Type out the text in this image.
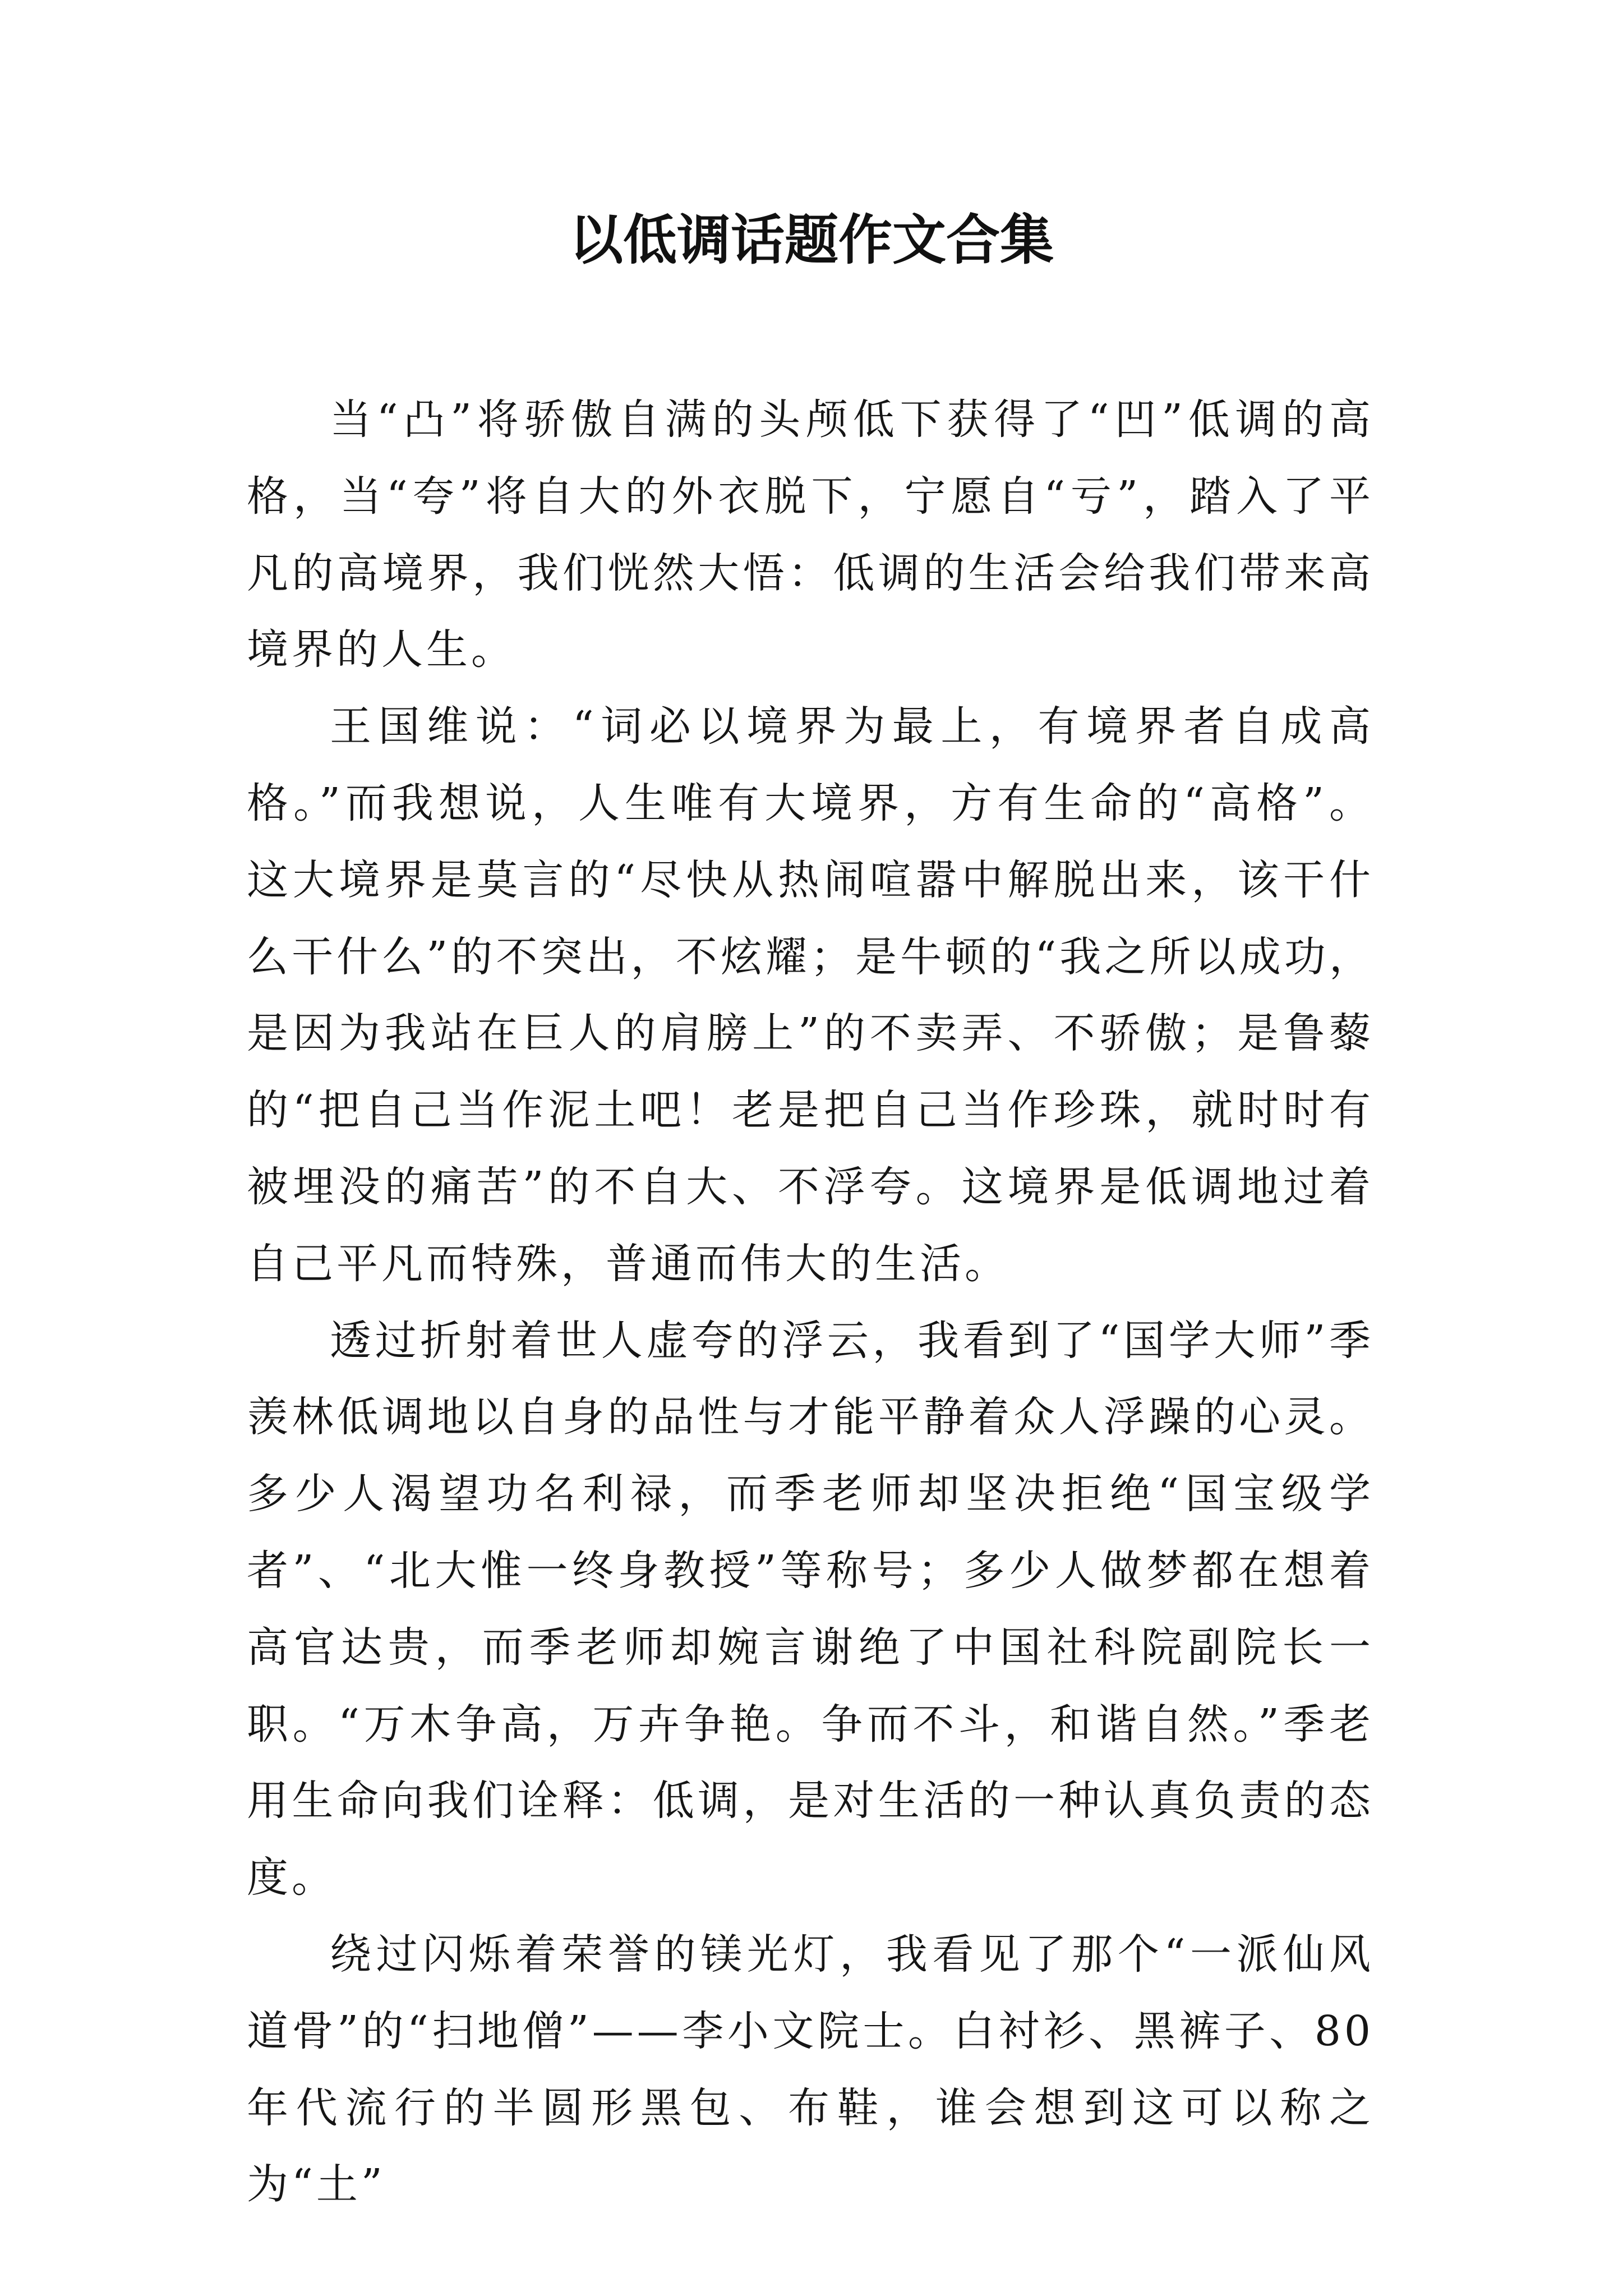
以低调话题作文合集

当“凸”将骄傲自满的头颅低下获得了“凹”低调的高格，当“夸”将自大的外衣脱下，宁愿自“亏”，踏入了平凡的高境界，我们恍然大悟：低调的生活会给我们带来高境界的人生。

王国维说：“词必以境界为最上，有境界者自成高格。”而我想说，人生唯有大境界，方有生命的“高格”。这大境界是莫言的“尽快从热闹喧嚣中解脱出来，该干什么干什么”的不突出，不炫耀；是牛顿的“我之所以成功，是因为我站在巨人的肩膀上”的不卖弄、不骄傲；是鲁藜的“把自己当作泥土吧！老是把自己当作珍珠，就时时有被埋没的痛苦”的不自大、不浮夸。这境界是低调地过着自己平凡而特殊，普通而伟大的生活。

透过折射着世人虚夸的浮云，我看到了“国学大师”季羡林低调地以自身的品性与才能平静着众人浮躁的心灵。多少人渴望功名利禄，而季老师却坚决拒绝“国宝级学者”、“北大惟一终身教授”等称号；多少人做梦都在想着高官达贵，而季老师却婉言谢绝了中国社科院副院长一职。“万木争高，万卉争艳。争而不斗，和谐自然。”季老用生命向我们诠释：低调，是对生活的一种认真负责的态度。

绕过闪烁着荣誉的镁光灯，我看见了那个“一派仙风道骨”的“扫地僧”——李小文院士。白衬衫、黑裤子、80年代流行的半圆形黑包、布鞋，谁会想到这可以称之为“土”
